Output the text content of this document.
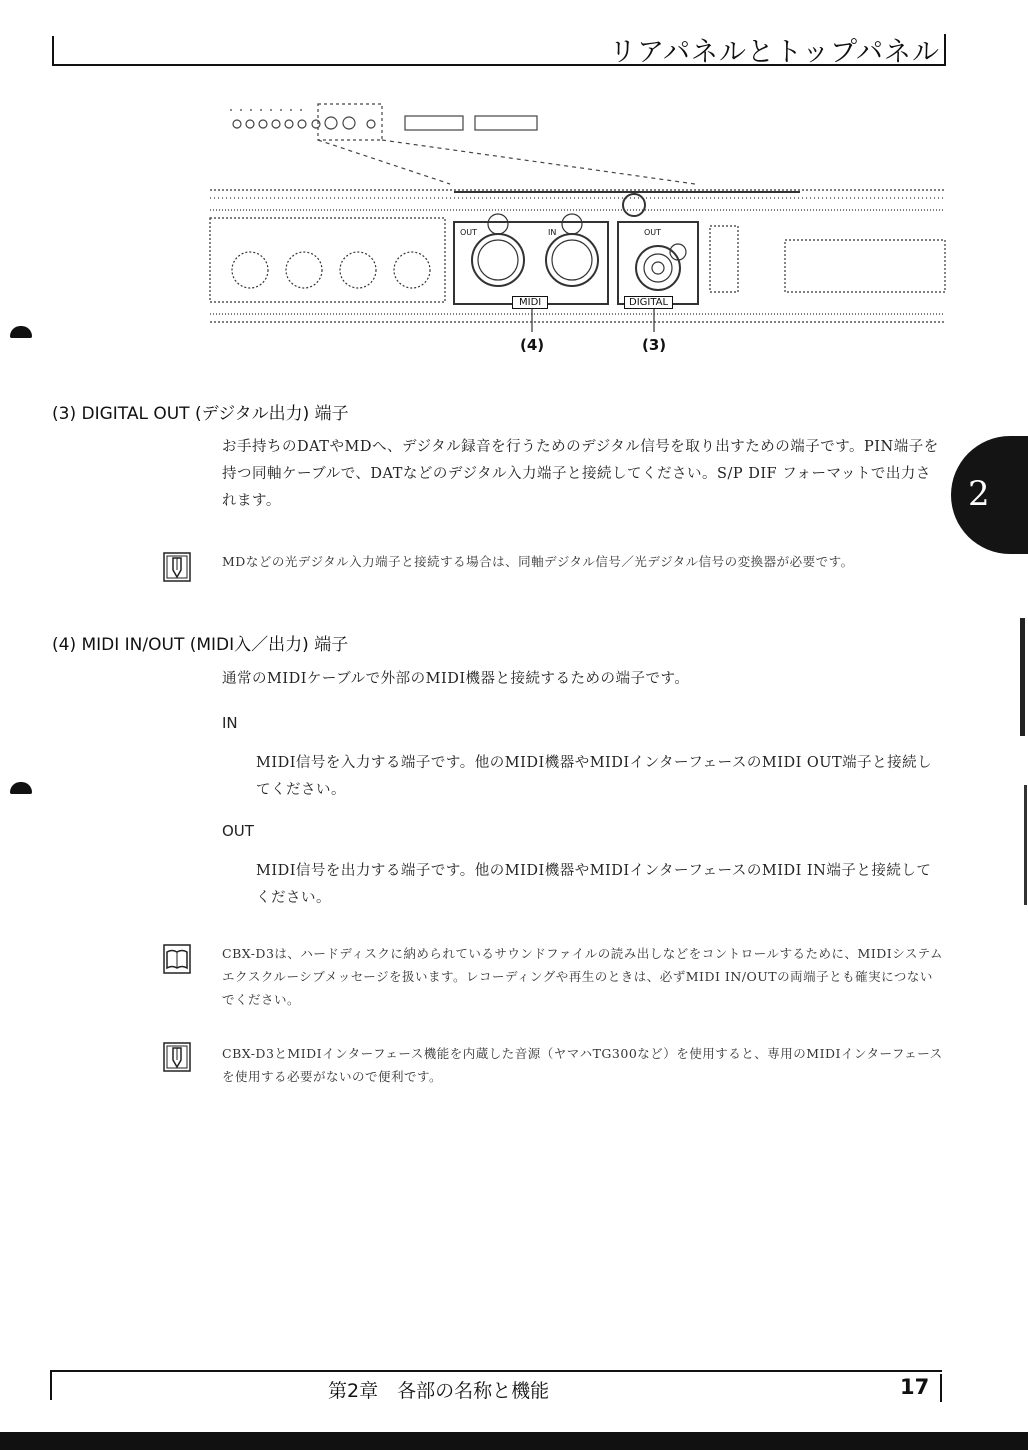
リアパネルとトップパネル
OUT	IN	OUT
MIDI	DIGITAL
(4)	(3)
2
(3) DIGITAL OUT (デジタル出力) 端子
お手持ちのDATやMDへ、デジタル録音を行うためのデジタル信号を取り出すための端子です。PIN端子を持つ同軸ケーブルで、DATなどのデジタル入力端子と接続してください。S/P DIF フォーマットで出力されます。
MDなどの光デジタル入力端子と接続する場合は、同軸デジタル信号／光デジタル信号の変換器が必要です。
(4) MIDI IN/OUT (MIDI入／出力) 端子
通常のMIDIケーブルで外部のMIDI機器と接続するための端子です。
IN
MIDI信号を入力する端子です。他のMIDI機器やMIDIインターフェースのMIDI OUT端子と接続してください。
OUT
MIDI信号を出力する端子です。他のMIDI機器やMIDIインターフェースのMIDI IN端子と接続してください。
CBX-D3は、ハードディスクに納められているサウンドファイルの読み出しなどをコントロールするために、MIDIシステムエクスクルーシブメッセージを扱います。レコーディングや再生のときは、必ずMIDI IN/OUTの両端子とも確実につないでください。
CBX-D3とMIDIインターフェース機能を内蔵した音源（ヤマハTG300など）を使用すると、専用のMIDIインターフェースを使用する必要がないので便利です。
第2章　各部の名称と機能	17
